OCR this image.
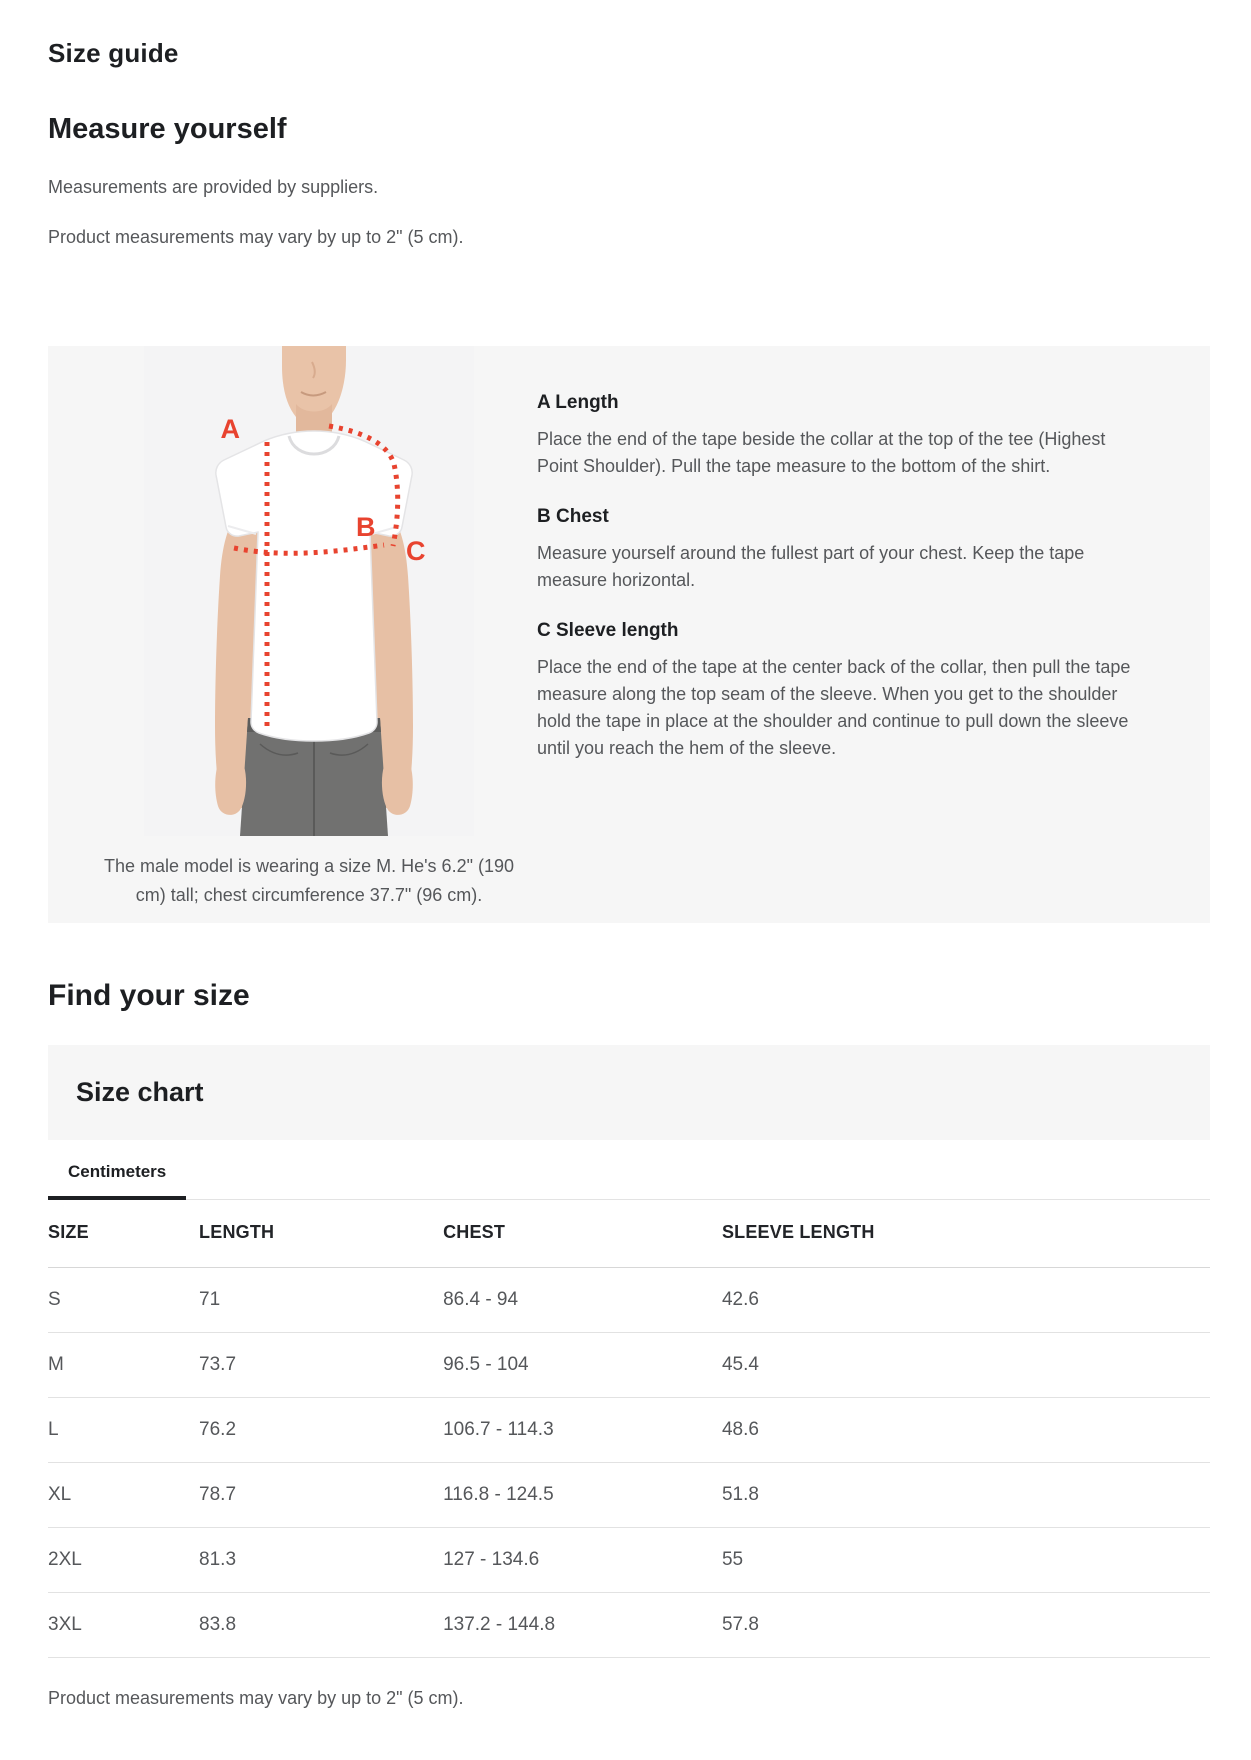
Size guide
Measure yourself

Measurements are provided by suppliers.

Product measurements may vary by up to 2" (5 cm).

A
B
C
The male model is wearing a size M. He's 6.2" (190 cm) tall; chest circumference 37.7" (96 cm).
A Length

Place the end of the tape beside the collar at the top of the tee (Highest Point Shoulder). Pull the tape measure to the bottom of the shirt.

B Chest

Measure yourself around the fullest part of your chest. Keep the tape measure horizontal.

C Sleeve length

Place the end of the tape at the center back of the collar, then pull the tape measure along the top seam of the sleeve. When you get to the shoulder hold the tape in place at the shoulder and continue to pull down the sleeve until you reach the hem of the sleeve.

Find your size
Size chart
Centimeters
SIZE	LENGTH	CHEST	SLEEVE LENGTH
S	71	86.4 - 94	42.6
M	73.7	96.5 - 104	45.4
L	76.2	106.7 - 114.3	48.6
XL	78.7	116.8 - 124.5	51.8
2XL	81.3	127 - 134.6	55
3XL	83.8	137.2 - 144.8	57.8

Product measurements may vary by up to 2" (5 cm).
